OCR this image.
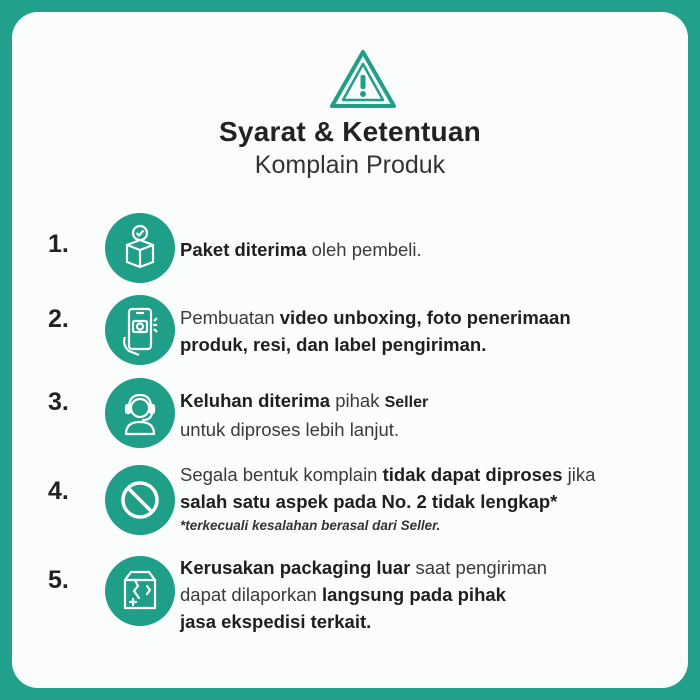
Syarat & Ketentuan
Komplain Produk
1.	Paket diterima oleh pembeli.
2.	Pembuatan video unboxing, foto penerimaan
produk, resi, dan label pengiriman.
3.	Keluhan diterima pihak Seller
untuk diproses lebih lanjut.
4.
Segala bentuk komplain tidak dapat diproses jika
salah satu aspek pada No. 2 tidak lengkap*
*terkecuali kesalahan berasal dari Seller.
5.	Kerusakan packaging luar saat pengiriman
dapat dilaporkan langsung pada pihak
jasa ekspedisi terkait.
